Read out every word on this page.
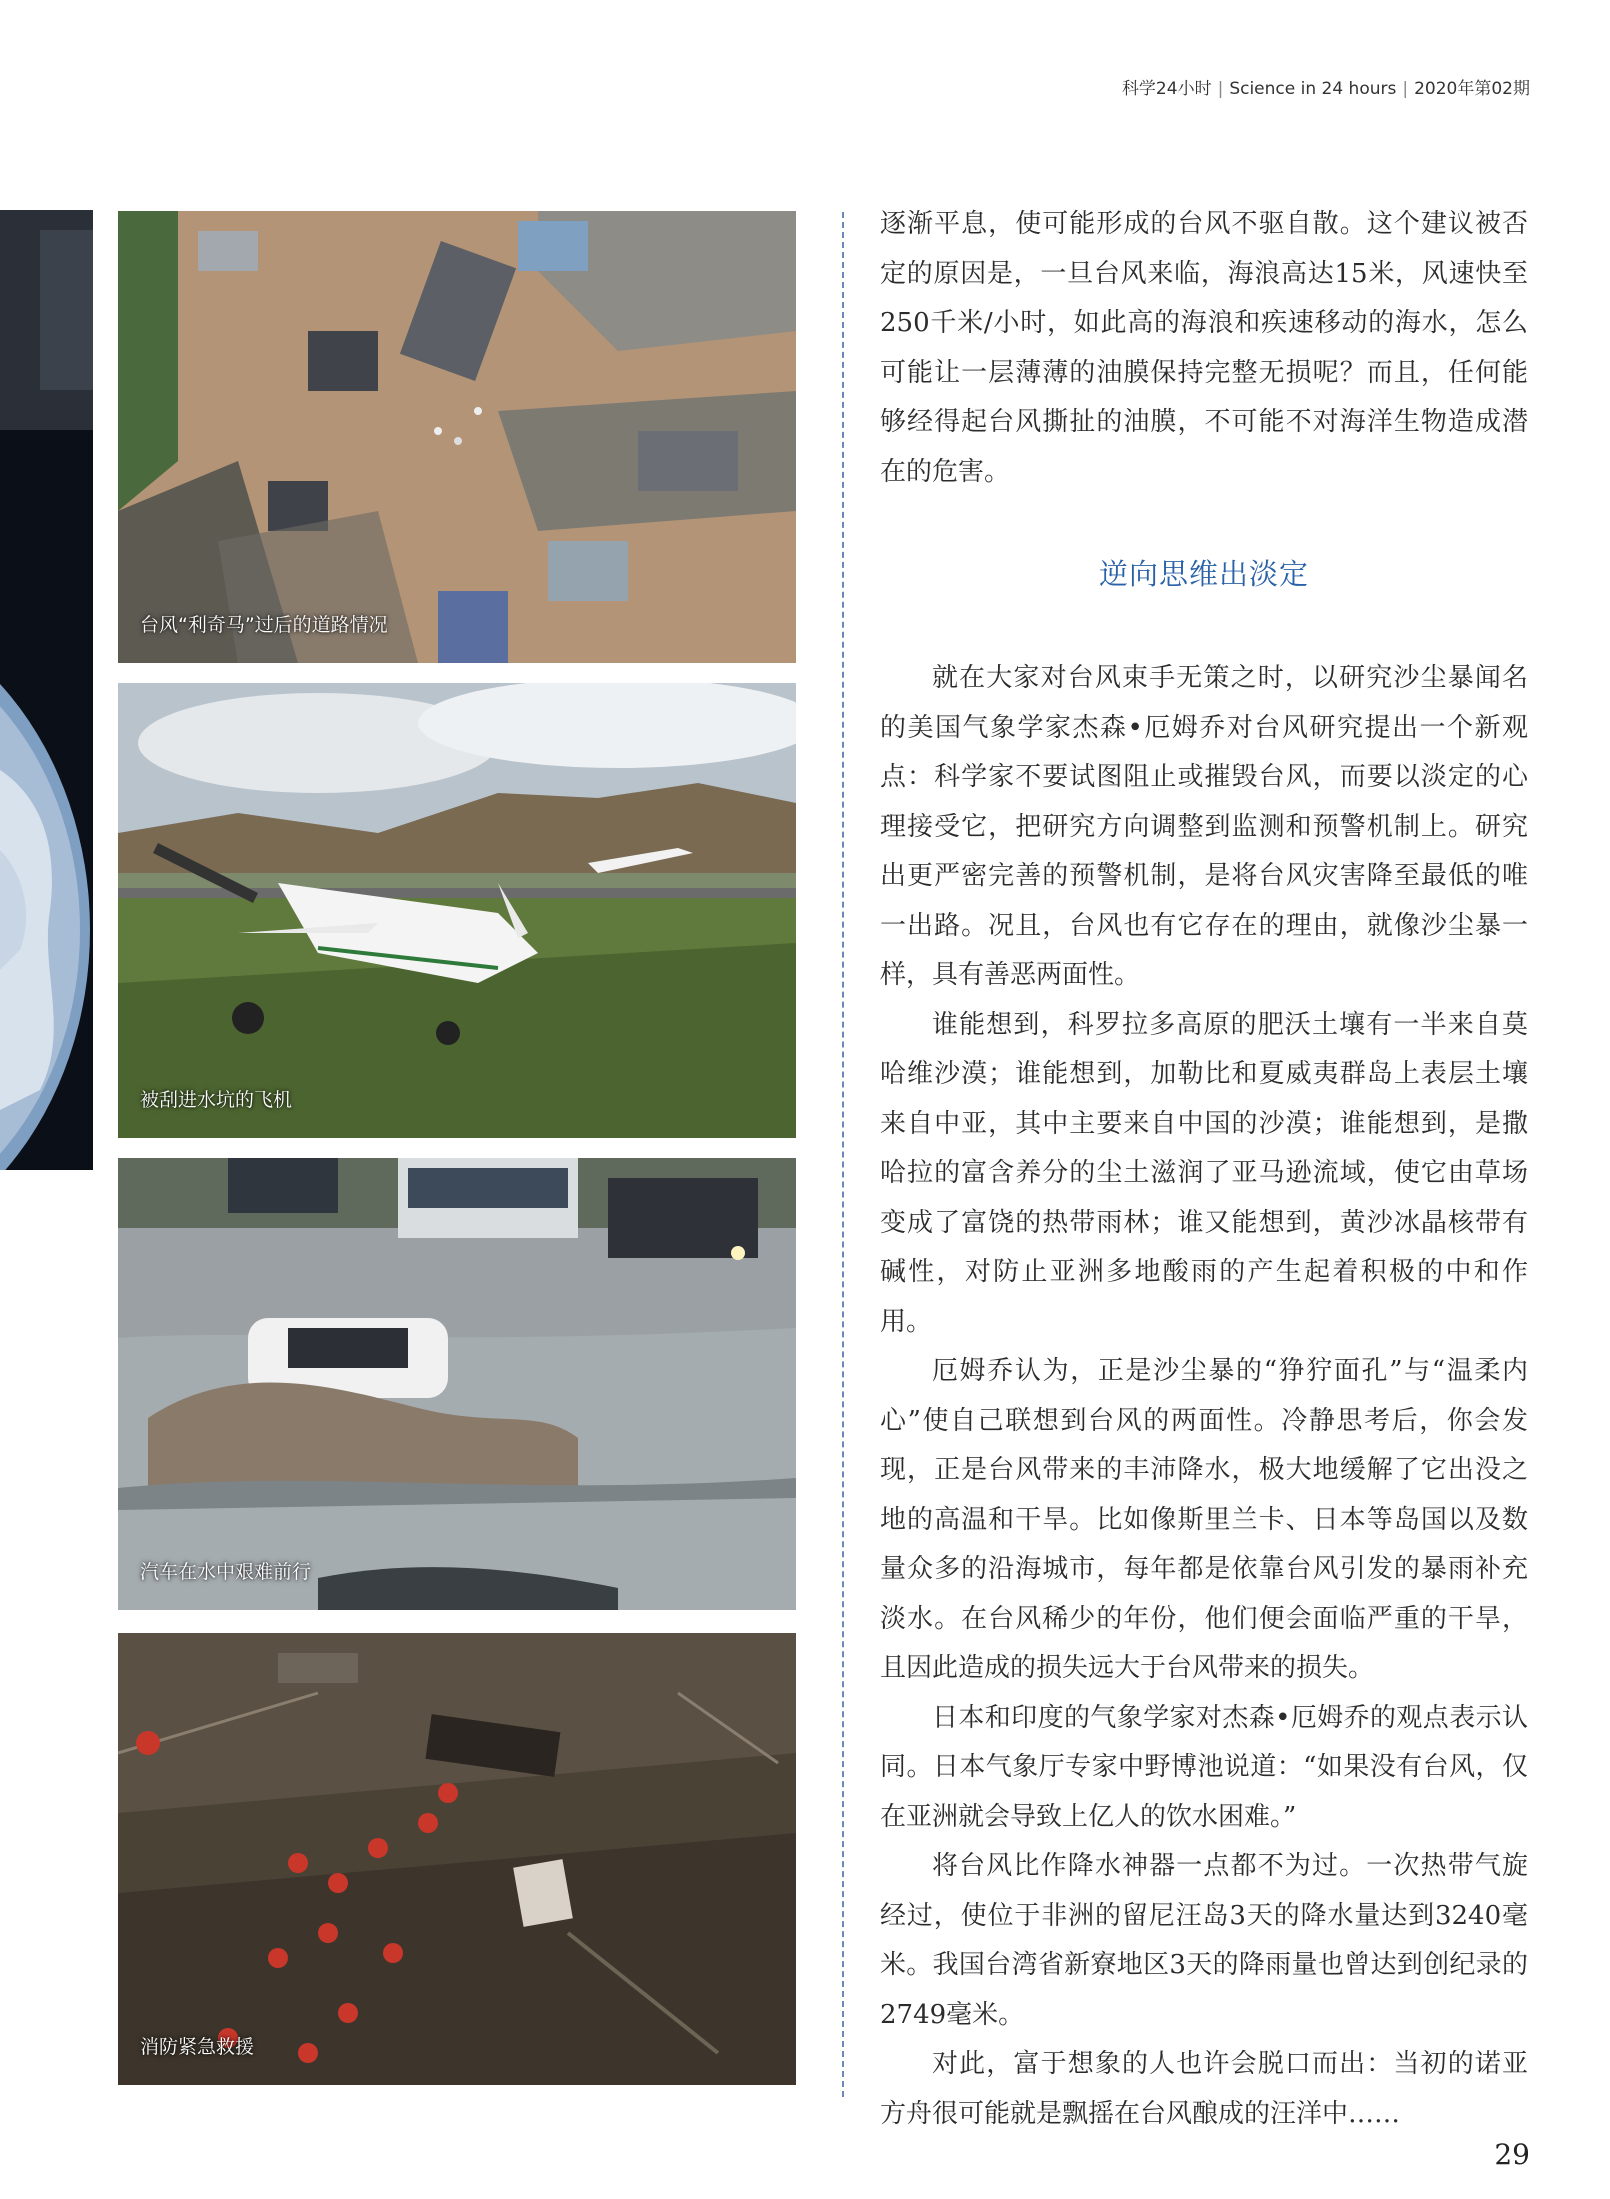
科学24小时 | Science in 24 hours | 2020年第02期
台风“利奇马”过后的道路情况
被刮进水坑的飞机
汽车在水中艰难前行
消防紧急救援

逐渐平息，使可能形成的台风不驱自散。这个建议被否定的原因是，一旦台风来临，海浪高达15米，风速快至250千米/小时，如此高的海浪和疾速移动的海水，怎么可能让一层薄薄的油膜保持完整无损呢？而且，任何能够经得起台风撕扯的油膜，不可能不对海洋生物造成潜在的危害。

逆向思维出淡定

就在大家对台风束手无策之时，以研究沙尘暴闻名的美国气象学家杰森•厄姆乔对台风研究提出一个新观点：科学家不要试图阻止或摧毁台风，而要以淡定的心理接受它，把研究方向调整到监测和预警机制上。研究出更严密完善的预警机制，是将台风灾害降至最低的唯一出路。况且，台风也有它存在的理由，就像沙尘暴一样，具有善恶两面性。

谁能想到，科罗拉多高原的肥沃土壤有一半来自莫哈维沙漠；谁能想到，加勒比和夏威夷群岛上表层土壤来自中亚，其中主要来自中国的沙漠；谁能想到，是撒哈拉的富含养分的尘土滋润了亚马逊流域，使它由草场变成了富饶的热带雨林；谁又能想到，黄沙冰晶核带有碱性，对防止亚洲多地酸雨的产生起着积极的中和作用。

厄姆乔认为，正是沙尘暴的“狰狞面孔”与“温柔内心”使自己联想到台风的两面性。冷静思考后，你会发现，正是台风带来的丰沛降水，极大地缓解了它出没之地的高温和干旱。比如像斯里兰卡、日本等岛国以及数量众多的沿海城市，每年都是依靠台风引发的暴雨补充淡水。在台风稀少的年份，他们便会面临严重的干旱，且因此造成的损失远大于台风带来的损失。

日本和印度的气象学家对杰森•厄姆乔的观点表示认同。日本气象厅专家中野博池说道：“如果没有台风，仅在亚洲就会导致上亿人的饮水困难。”

将台风比作降水神器一点都不为过。一次热带气旋经过，使位于非洲的留尼汪岛3天的降水量达到3240毫米。我国台湾省新寮地区3天的降雨量也曾达到创纪录的2749毫米。

对此，富于想象的人也许会脱口而出：当初的诺亚方舟很可能就是飘摇在台风酿成的汪洋中……

29
